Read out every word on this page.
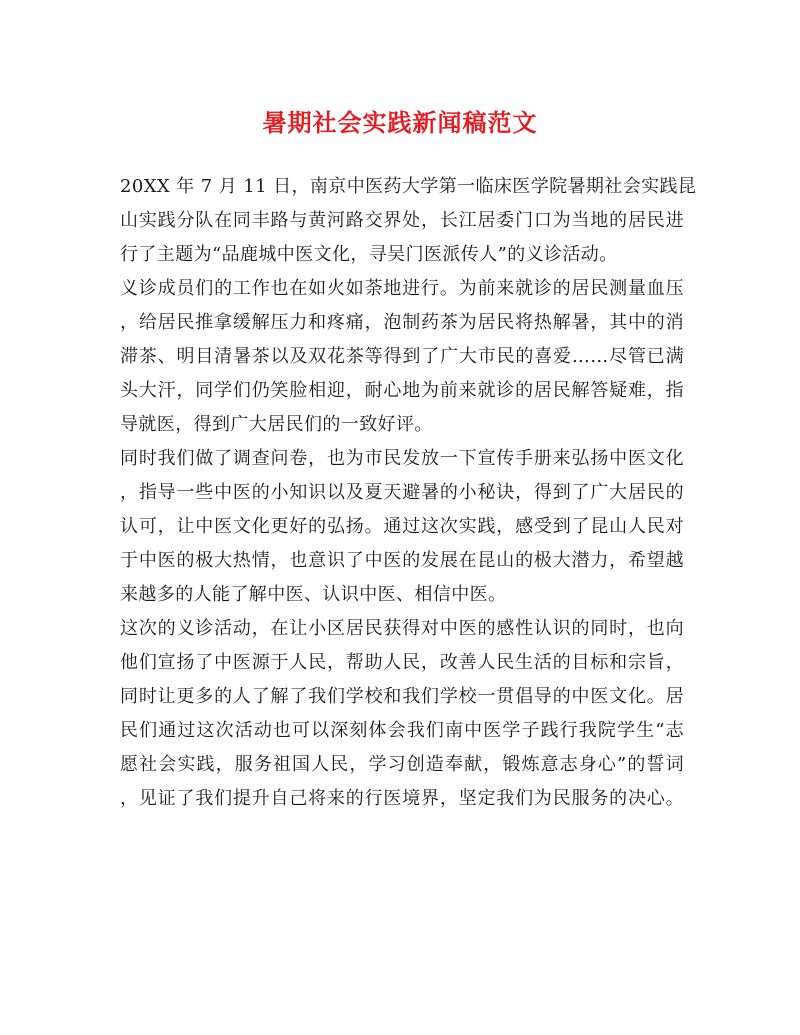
暑期社会实践新闻稿范文
20XX 年 7 月 11 日，南京中医药大学第一临床医学院暑期社会实践昆
山实践分队在同丰路与黄河路交界处，长江居委门口为当地的居民进
行了主题为“品鹿城中医文化，寻吴门医派传人”的义诊活动。
义诊成员们的工作也在如火如荼地进行。为前来就诊的居民测量血压
，给居民推拿缓解压力和疼痛，泡制药茶为居民将热解暑，其中的消
滞茶、明目清暑茶以及双花茶等得到了广大市民的喜爱……尽管已满
头大汗，同学们仍笑脸相迎，耐心地为前来就诊的居民解答疑难，指
导就医，得到广大居民们的一致好评。
同时我们做了调查问卷，也为市民发放一下宣传手册来弘扬中医文化
，指导一些中医的小知识以及夏天避暑的小秘诀，得到了广大居民的
认可，让中医文化更好的弘扬。通过这次实践，感受到了昆山人民对
于中医的极大热情，也意识了中医的发展在昆山的极大潜力，希望越
来越多的人能了解中医、认识中医、相信中医。
这次的义诊活动，在让小区居民获得对中医的感性认识的同时，也向
他们宣扬了中医源于人民，帮助人民，改善人民生活的目标和宗旨，
同时让更多的人了解了我们学校和我们学校一贯倡导的中医文化。居
民们通过这次活动也可以深刻体会我们南中医学子践行我院学生“志
愿社会实践，服务祖国人民，学习创造奉献，锻炼意志身心”的誓词
，见证了我们提升自己将来的行医境界，坚定我们为民服务的决心。
